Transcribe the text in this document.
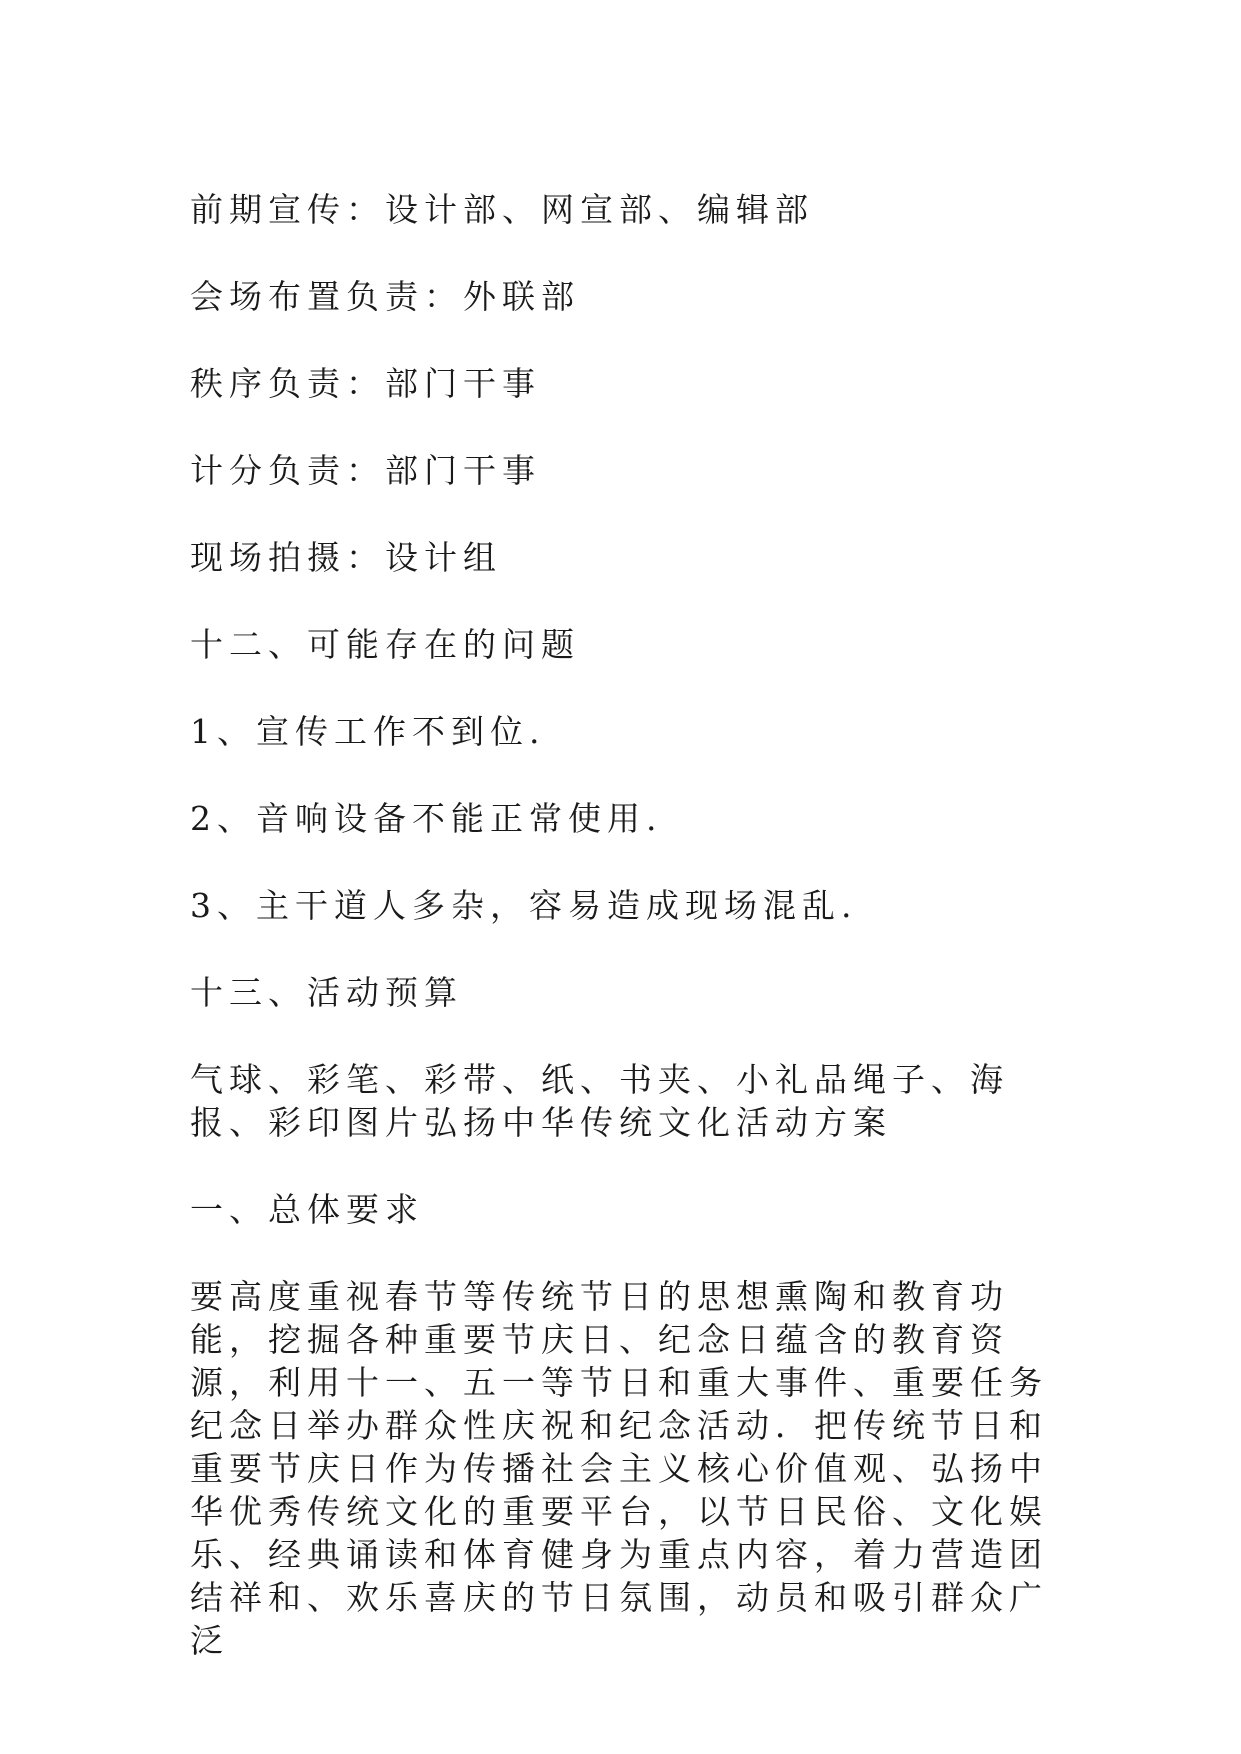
前期宣传：设计部、网宣部、编辑部

会场布置负责：外联部

秩序负责：部门干事

计分负责：部门干事

现场拍摄：设计组

十二、可能存在的问题

1、宣传工作不到位.

2、音响设备不能正常使用.

3、主干道人多杂，容易造成现场混乱.

十三、活动预算

气球、彩笔、彩带、纸、书夹、小礼品绳子、海报、彩印图片弘扬中华传统文化活动方案

一、总体要求

要高度重视春节等传统节日的思想熏陶和教育功能，挖掘各种重要节庆日、纪念日蕴含的教育资源，利用十一、五一等节日和重大事件、重要任务纪念日举办群众性庆祝和纪念活动．把传统节日和重要节庆日作为传播社会主义核心价值观、弘扬中华优秀传统文化的重要平台，以节日民俗、文化娱乐、经典诵读和体育健身为重点内容，着力营造团结祥和、欢乐喜庆的节日氛围，动员和吸引群众广泛
